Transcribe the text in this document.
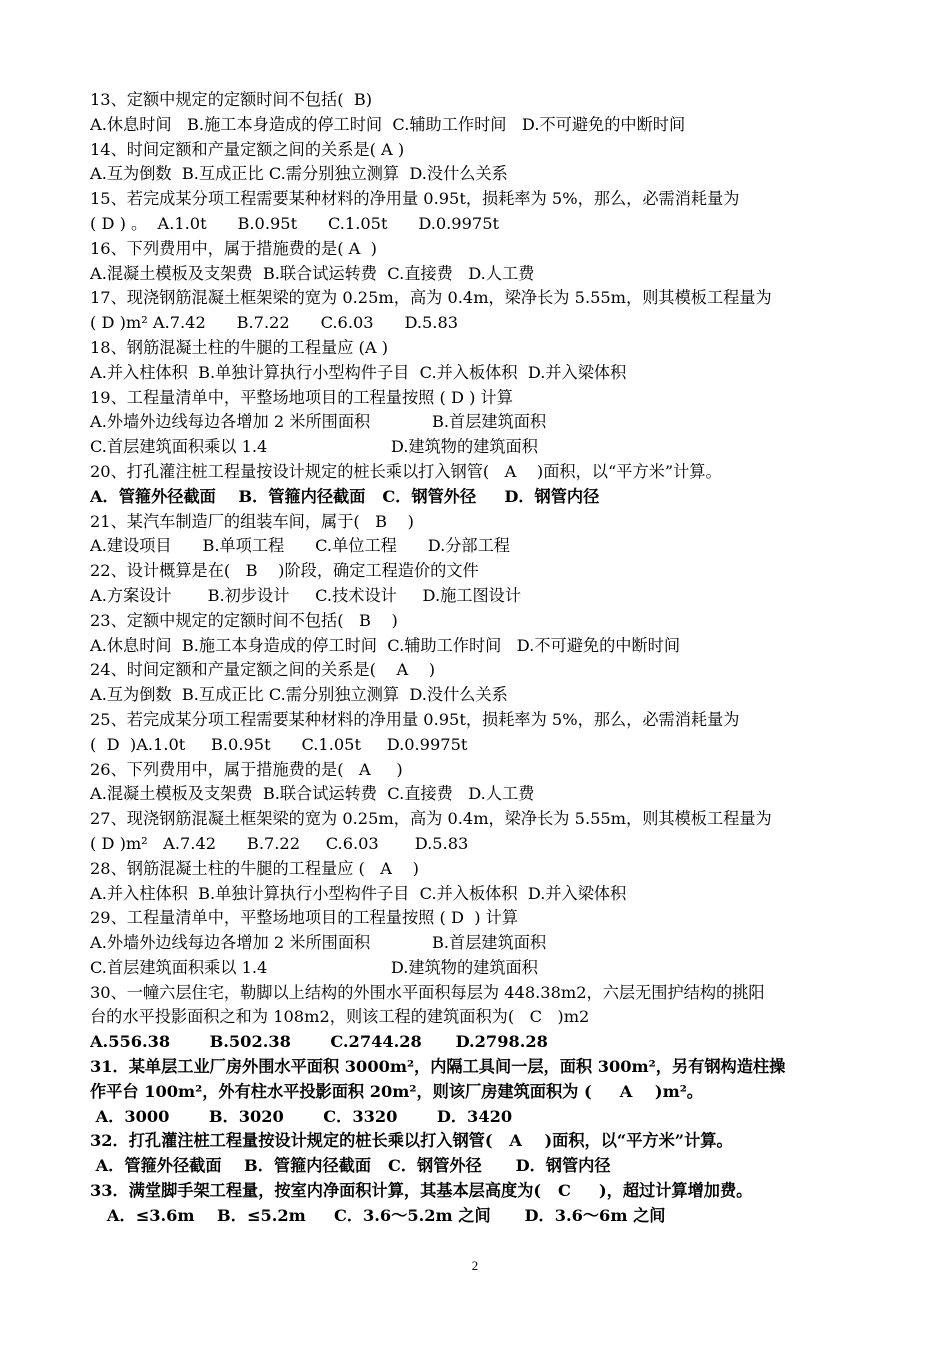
13、定额中规定的定额时间不包括(  B)
A.休息时间   B.施工本身造成的停工时间  C.辅助工作时间   D.不可避免的中断时间
14、时间定额和产量定额之间的关系是( A )
A.互为倒数  B.互成正比 C.需分别独立测算  D.没什么关系
15、若完成某分项工程需要某种材料的净用量 0.95t，损耗率为 5%，那么，必需消耗量为
( D ) 。  A.1.0t      B.0.95t      C.1.05t      D.0.9975t
16、下列费用中，属于措施费的是( A  )
A.混凝土模板及支架费  B.联合试运转费  C.直接费   D.人工费
17、现浇钢筋混凝土框架梁的宽为 0.25m，高为 0.4m，梁净长为 5.55m，则其模板工程量为
( D )m² A.7.42      B.7.22      C.6.03      D.5.83
18、钢筋混凝土柱的牛腿的工程量应 (A )
A.并入柱体积  B.单独计算执行小型构件子目  C.并入板体积  D.并入梁体积
19、工程量清单中，平整场地项目的工程量按照 ( D ) 计算
A.外墙外边线每边各增加 2 米所围面积            B.首层建筑面积
C.首层建筑面积乘以 1.4                        D.建筑物的建筑面积
20、打孔灌注桩工程量按设计规定的桩长乘以打入钢管(   A    )面积，以“平方米”计算。
A．管箍外径截面    B．管箍内径截面   C．钢管外径     D．钢管内径
21、某汽车制造厂的组装车间，属于(   B    )
A.建设项目      B.单项工程      C.单位工程      D.分部工程
22、设计概算是在(   B    )阶段，确定工程造价的文件
A.方案设计       B.初步设计     C.技术设计     D.施工图设计
23、定额中规定的定额时间不包括(   B    )
A.休息时间  B.施工本身造成的停工时间  C.辅助工作时间   D.不可避免的中断时间
24、时间定额和产量定额之间的关系是(    A    )
A.互为倒数  B.互成正比 C.需分别独立测算  D.没什么关系
25、若完成某分项工程需要某种材料的净用量 0.95t，损耗率为 5%，那么，必需消耗量为
(  D  )A.1.0t     B.0.95t      C.1.05t     D.0.9975t
26、下列费用中，属于措施费的是(   A     )
A.混凝土模板及支架费  B.联合试运转费  C.直接费   D.人工费
27、现浇钢筋混凝土框架梁的宽为 0.25m，高为 0.4m，梁净长为 5.55m，则其模板工程量为
( D )m²   A.7.42      B.7.22     C.6.03       D.5.83
28、钢筋混凝土柱的牛腿的工程量应 (   A    )
A.并入柱体积  B.单独计算执行小型构件子目  C.并入板体积  D.并入梁体积
29、工程量清单中，平整场地项目的工程量按照 ( D  ) 计算
A.外墙外边线每边各增加 2 米所围面积            B.首层建筑面积
C.首层建筑面积乘以 1.4                        D.建筑物的建筑面积
30、一幢六层住宅，勒脚以上结构的外围水平面积每层为 448.38m2，六层无围护结构的挑阳
台的水平投影面积之和为 108m2，则该工程的建筑面积为(   C   )m2
A.556.38       B.502.38       C.2744.28      D.2798.28
31．某单层工业厂房外围水平面积 3000m²，内隔工具间一层，面积 300m²，另有钢构造柱操
作平台 100m²，外有柱水平投影面积 20m²，则该厂房建筑面积为 (     A    )m²。
A．3000       B．3020       C．3320       D．3420
32．打孔灌注桩工程量按设计规定的桩长乘以打入钢管(   A    )面积，以“平方米”计算。
A．管箍外径截面    B．管箍内径截面   C．钢管外径      D．钢管内径
33．满堂脚手架工程量，按室内净面积计算，其基本层高度为(   C     )，超过计算增加费。
A．≤3.6m    B．≤5.2m     C．3.6～5.2m 之间      D．3.6～6m 之间
2
